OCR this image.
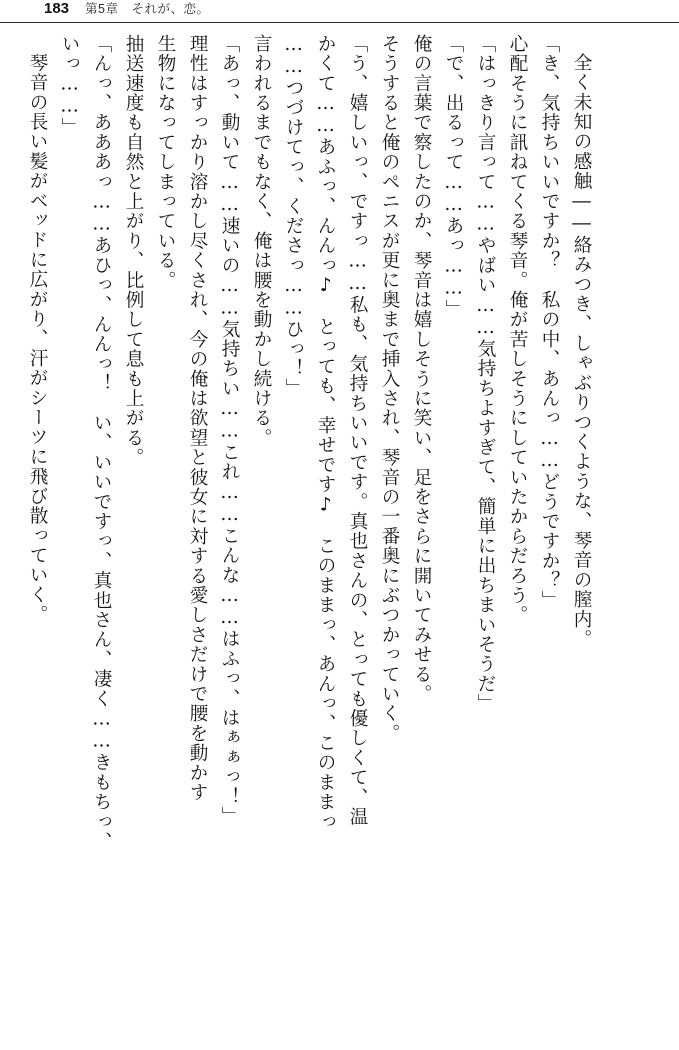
183 第5章　それが、恋。

全く未知の感触――絡みつき、しゃぶりつくような、琴音の膣内。

「き、気持ちいいですか？　私の中、あんっ……どうですか？」

心配そうに訊ねてくる琴音。俺が苦しそうにしていたからだろう。

「はっきり言って……やばい……気持ちよすぎて、簡単に出ちまいそうだ」

「で、出るって……あっ……」

俺の言葉で察したのか、琴音は嬉しそうに笑い、足をさらに開いてみせる。

そうすると俺のペニスが更に奥まで挿入され、琴音の一番奥にぶつかっていく。

「う、嬉しいっ、ですっ……私も、気持ちいいです。真也さんの、とっても優しくて、温

かくて……あふっ、んんっ♪　とっても、幸せです♪　このままっ、あんっ、このままっ

……つづけてっ、くださっ……ひっ！」

言われるまでもなく、俺は腰を動かし続ける。

「あっ、動いて……速いの……気持ちい……これ……こんな……はふっ、はぁぁっ！」

理性はすっかり溶かし尽くされ、今の俺は欲望と彼女に対する愛しさだけで腰を動かす

生物になってしまっている。

抽送速度も自然と上がり、比例して息も上がる。

「んっ、あああっ……あひっ、んんっ！　い、いいですっ、真也さん、凄く……きもちっ、

いっ……」

琴音の長い髪がベッドに広がり、汗がシーツに飛び散っていく。
